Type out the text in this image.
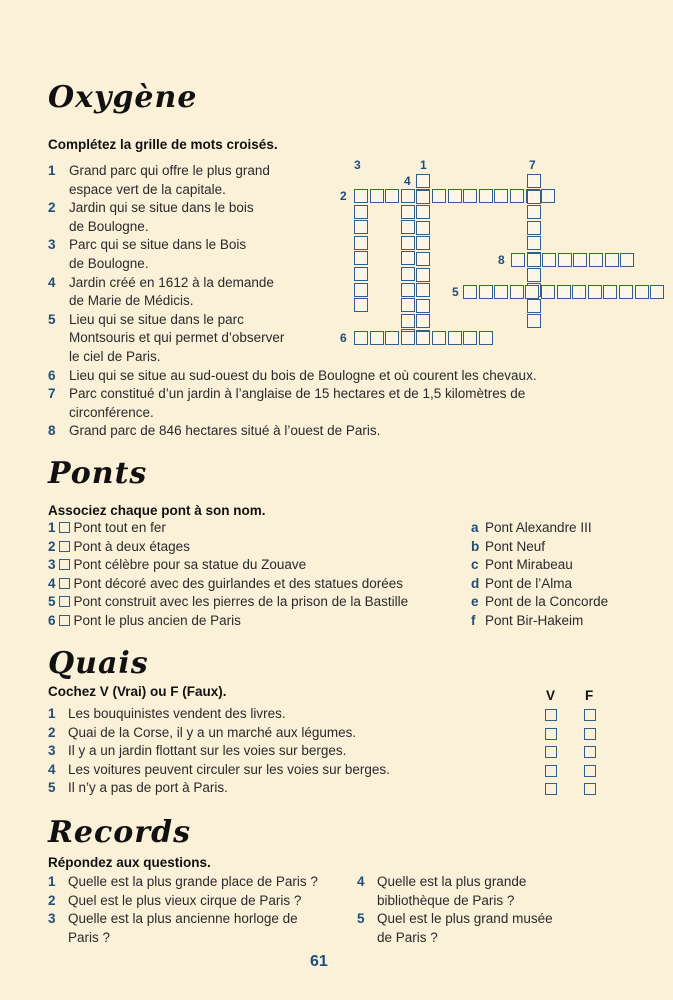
Oxygène
Complétez la grille de mots croisés.
1 Grand parc qui offre le plus grand
espace vert de la capitale.
2 Jardin qui se situe dans le bois
de Boulogne.
3 Parc qui se situe dans le Bois
de Boulogne.
4 Jardin créé en 1612 à la demande
de Marie de Médicis.
5 Lieu qui se situe dans le parc
Montsouris et qui permet d’observer
le ciel de Paris.
6 Lieu qui se situe au sud-ouest du bois de Boulogne et où courent les chevaux.
7 Parc constitué d’un jardin à l’anglaise de 15 hectares et de 1,5 kilomètres de
circonférence.
8 Grand parc de 846 hectares situé à l’ouest de Paris.
3	1	7
4
2
8
5
6
Ponts
Associez chaque pont à son nom.
1 Pont tout en fer
2 Pont à deux étages
3 Pont célèbre pour sa statue du Zouave
4 Pont décoré avec des guirlandes et des statues dorées
5 Pont construit avec les pierres de la prison de la Bastille
6 Pont le plus ancien de Paris
a Pont Alexandre III
b Pont Neuf
c Pont Mirabeau
d Pont de l’Alma
e Pont de la Concorde
f Pont Bir-Hakeim
Quais
Cochez V (Vrai) ou F (Faux).	V F
1 Les bouquinistes vendent des livres.
2 Quai de la Corse, il y a un marché aux légumes.
3 Il y a un jardin flottant sur les voies sur berges.
4 Les voitures peuvent circuler sur les voies sur berges.
5 Il n’y a pas de port à Paris.
Records
Répondez aux questions.
1 Quelle est la plus grande place de Paris ?
2 Quel est le plus vieux cirque de Paris ?
3 Quelle est la plus ancienne horloge de
Paris ?
4 Quelle est la plus grande
bibliothèque de Paris ?
5 Quel est le plus grand musée
de Paris ?
61
